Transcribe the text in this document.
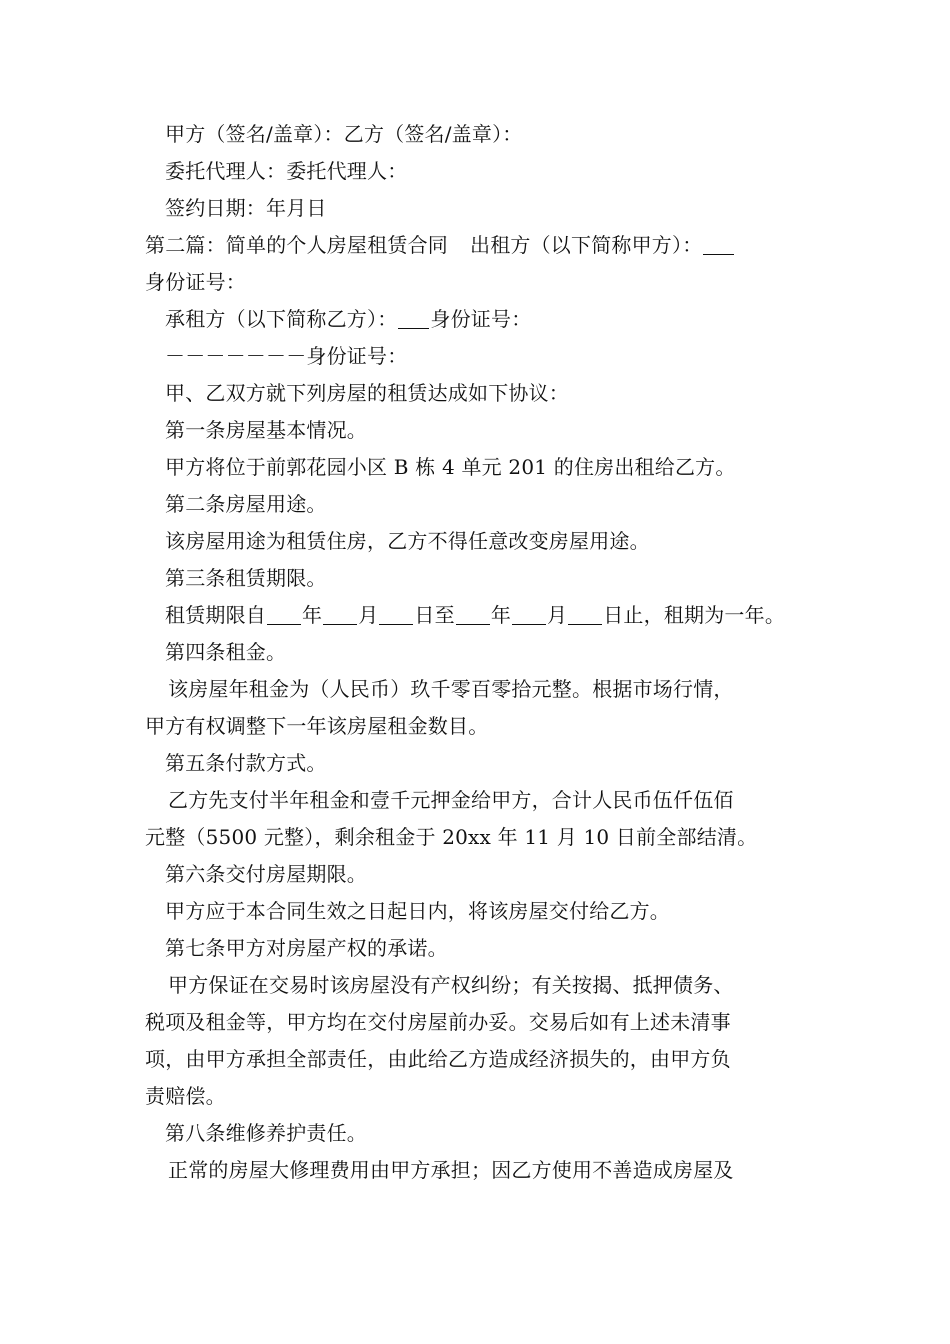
甲方（签名/盖章）：乙方（签名/盖章）：
委托代理人：委托代理人：
签约日期：年月日
第二篇：简单的个人房屋租赁合同 出租方（以下简称甲方）：
身份证号：
承租方（以下简称乙方）： 身份证号：
－－－－－－－身份证号：
甲、乙双方就下列房屋的租赁达成如下协议：
第一条房屋基本情况。
甲方将位于前郭花园小区 B 栋 4 单元 201 的住房出租给乙方。
第二条房屋用途。
该房屋用途为租赁住房，乙方不得任意改变房屋用途。
第三条租赁期限。
租赁期限自 年 月 日至 年 月 日止，租期为一年。
第四条租金。
该房屋年租金为（人民币）玖千零百零拾元整。根据市场行情，
甲方有权调整下一年该房屋租金数目。
第五条付款方式。
乙方先支付半年租金和壹千元押金给甲方，合计人民币伍仟伍佰
元整（5500 元整），剩余租金于 20xx 年 11 月 10 日前全部结清。
第六条交付房屋期限。
甲方应于本合同生效之日起日内，将该房屋交付给乙方。
第七条甲方对房屋产权的承诺。
甲方保证在交易时该房屋没有产权纠纷；有关按揭、抵押债务、
税项及租金等，甲方均在交付房屋前办妥。交易后如有上述未清事
项，由甲方承担全部责任，由此给乙方造成经济损失的，由甲方负
责赔偿。
第八条维修养护责任。
正常的房屋大修理费用由甲方承担；因乙方使用不善造成房屋及
